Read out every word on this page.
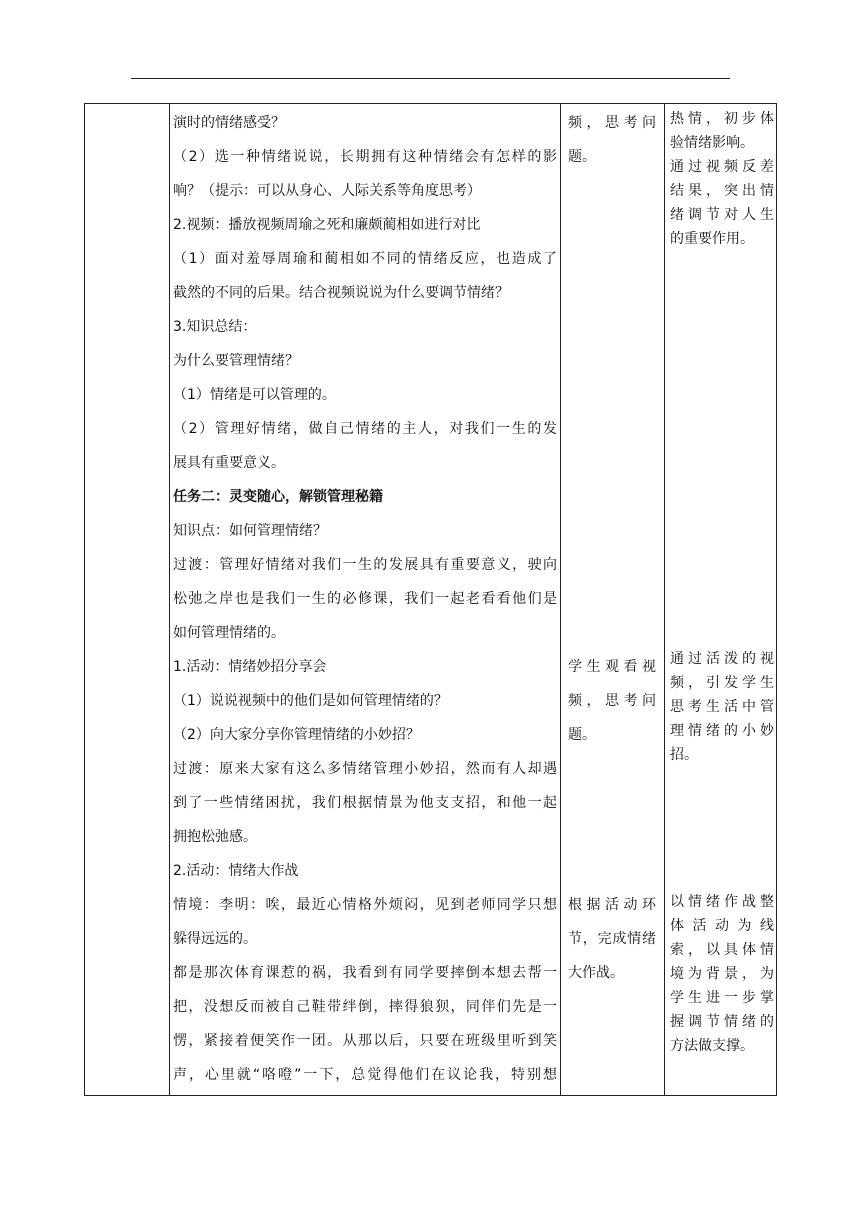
演时的情绪感受？

（2）选一种情绪说说，长期拥有这种情绪会有怎样的影

响？（提示：可以从身心、人际关系等角度思考）

2.视频：播放视频周瑜之死和廉颇蔺相如进行对比

（1）面对羞辱周瑜和蔺相如不同的情绪反应，也造成了

截然的不同的后果。结合视频说说为什么要调节情绪？

3.知识总结：

为什么要管理情绪？

（1）情绪是可以管理的。

（2）管理好情绪，做自己情绪的主人，对我们一生的发

展具有重要意义。

任务二：灵变随心，解锁管理秘籍

知识点：如何管理情绪？

过渡：管理好情绪对我们一生的发展具有重要意义，驶向

松弛之岸也是我们一生的必修课，我们一起老看看他们是

如何管理情绪的。

1.活动：情绪妙招分享会

（1）说说视频中的他们是如何管理情绪的？

（2）向大家分享你管理情绪的小妙招？

过渡：原来大家有这么多情绪管理小妙招，然而有人却遇

到了一些情绪困扰，我们根据情景为他支支招，和他一起

拥抱松弛感。

2.活动：情绪大作战

情境：李明：唉，最近心情格外烦闷，见到老师同学只想

躲得远远的。

都是那次体育课惹的祸，我看到有同学要摔倒本想去帮一

把，没想反而被自己鞋带绊倒，摔得狼狈，同伴们先是一

愣，紧接着便笑作一团。从那以后，只要在班级里听到笑

声，心里就“咯噔”一下，总觉得他们在议论我，特别想

频，思考问

题。

学生观看视

频，思考问

题。

根据活动环

节，完成情绪

大作战。

热情，初步体

验情绪影响。

通过视频反差

结果，突出情

绪调节对人生

的重要作用。

通过活泼的视

频，引发学生

思考生活中管

理情绪的小妙

招。

以情绪作战整

体活动为线

索，以具体情

境为背景，为

学生进一步掌

握调节情绪的

方法做支撑。
